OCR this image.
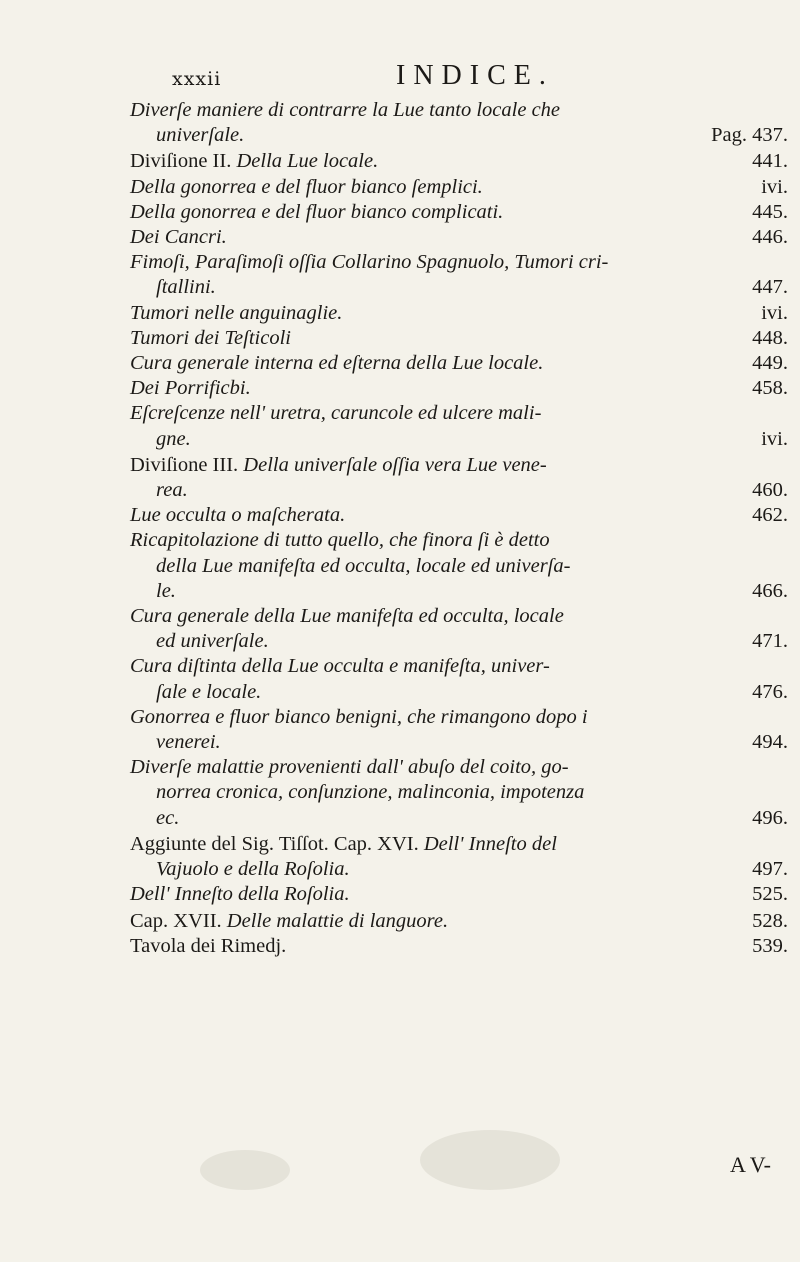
xxxii	INDICE.
Diverſe maniere di contrarre la Lue tanto locale che
univerſale.	Pag. 437.
Diviſione II. Della Lue locale.	441.
Della gonorrea e del fluor bianco ſemplici.	ivi.
Della gonorrea e del fluor bianco complicati.	445.
Dei Cancri.	446.
Fimoſi, Paraſimoſi oſſia Collarino Spagnuolo, Tumori cri-
ſtallini.	447.
Tumori nelle anguinaglie.	ivi.
Tumori dei Teſticoli	448.
Cura generale interna ed eſterna della Lue locale.	449.
Dei Porrificbi.	458.
Eſcreſcenze nell' uretra, caruncole ed ulcere mali-
gne.	ivi.
Diviſione III. Della univerſale oſſia vera Lue vene-
rea.	460.
Lue occulta o maſcherata.	462.
Ricapitolazione di tutto quello, che finora ſi è detto
della Lue manifeſta ed occulta, locale ed univerſa-
le.	466.
Cura generale della Lue manifeſta ed occulta, locale
ed univerſale.	471.
Cura diſtinta della Lue occulta e manifeſta, univer-
ſale e locale.	476.
Gonorrea e fluor bianco benigni, che rimangono dopo i
venerei.	494.
Diverſe malattie provenienti dall' abuſo del coito, go-
norrea cronica, conſunzione, malinconia, impotenza
ec.	496.
Aggiunte del Sig. Tiſſot. Cap. XVI. Dell' Inneſto del
Vajuolo e della Roſolia.	497.
Dell' Inneſto della Roſolia.	525.
Cap. XVII. Delle malattie di languore.	528.
Tavola dei Rimedj.	539.
A V-
